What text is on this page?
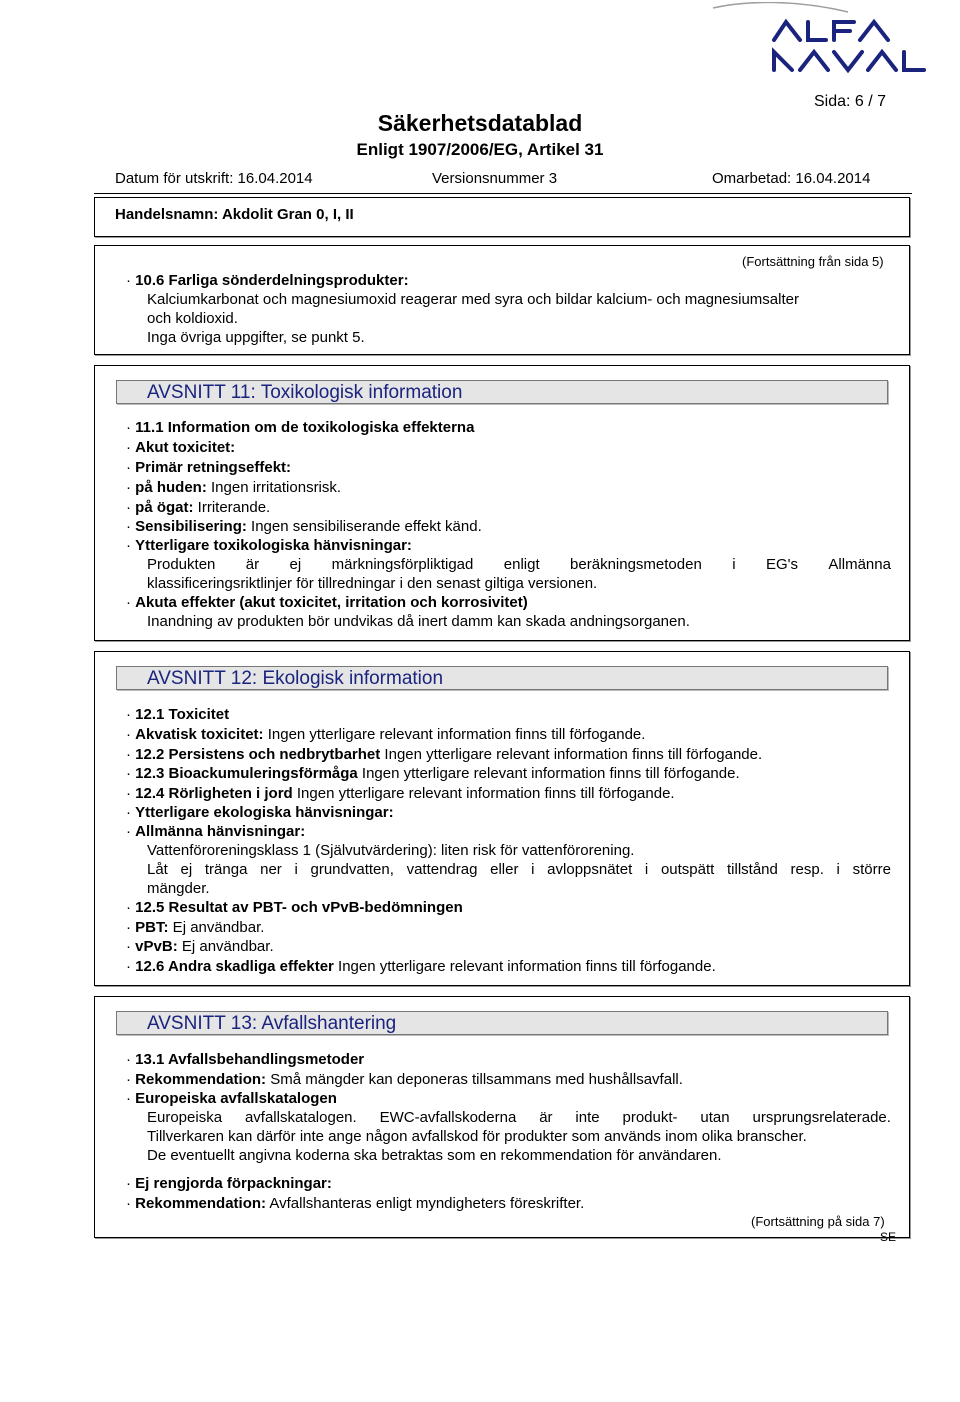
Sida: 6 / 7
Säkerhetsdatablad
Enligt 1907/2006/EG, Artikel 31
Datum för utskrift: 16.04.2014	Versionsnummer 3	Omarbetad: 16.04.2014
Handelsnamn: Akdolit Gran 0, I, II
(Fortsättning från sida 5)
· 10.6 Farliga sönderdelningsprodukter:
Kalciumkarbonat och magnesiumoxid reagerar med syra och bildar kalcium- och magnesiumsalter
och koldioxid.
Inga övriga uppgifter, se punkt 5.
AVSNITT 11: Toxikologisk information
· 11.1 Information om de toxikologiska effekterna
· Akut toxicitet:
· Primär retningseffekt:
· på huden: Ingen irritationsrisk.
· på ögat: Irriterande.
· Sensibilisering: Ingen sensibiliserande effekt känd.
· Ytterligare toxikologiska hänvisningar:
Produkten är ej märkningsförpliktigad enligt beräkningsmetoden i EG's Allmänna
klassificeringsriktlinjer för tillredningar i den senast giltiga versionen.
· Akuta effekter (akut toxicitet, irritation och korrosivitet)
Inandning av produkten bör undvikas då inert damm kan skada andningsorganen.
AVSNITT 12: Ekologisk information
· 12.1 Toxicitet
· Akvatisk toxicitet: Ingen ytterligare relevant information finns till förfogande.
· 12.2 Persistens och nedbrytbarhet Ingen ytterligare relevant information finns till förfogande.
· 12.3 Bioackumuleringsförmåga Ingen ytterligare relevant information finns till förfogande.
· 12.4 Rörligheten i jord Ingen ytterligare relevant information finns till förfogande.
· Ytterligare ekologiska hänvisningar:
· Allmänna hänvisningar:
Vattenföroreningsklass 1 (Självutvärdering): liten risk för vattenförorening.
Låt ej tränga ner i grundvatten, vattendrag eller i avloppsnätet i outspätt tillstånd resp. i större
mängder.
· 12.5 Resultat av PBT- och vPvB-bedömningen
· PBT: Ej användbar.
· vPvB: Ej användbar.
· 12.6 Andra skadliga effekter Ingen ytterligare relevant information finns till förfogande.
AVSNITT 13: Avfallshantering
· 13.1 Avfallsbehandlingsmetoder
· Rekommendation: Små mängder kan deponeras tillsammans med hushållsavfall.
· Europeiska avfallskatalogen
Europeiska avfallskatalogen. EWC-avfallskoderna är inte produkt- utan ursprungsrelaterade.
Tillverkaren kan därför inte ange någon avfallskod för produkter som används inom olika branscher.
De eventuellt angivna koderna ska betraktas som en rekommendation för användaren.
· Ej rengjorda förpackningar:
· Rekommendation: Avfallshanteras enligt myndigheters föreskrifter.
(Fortsättning på sida 7)
SE
